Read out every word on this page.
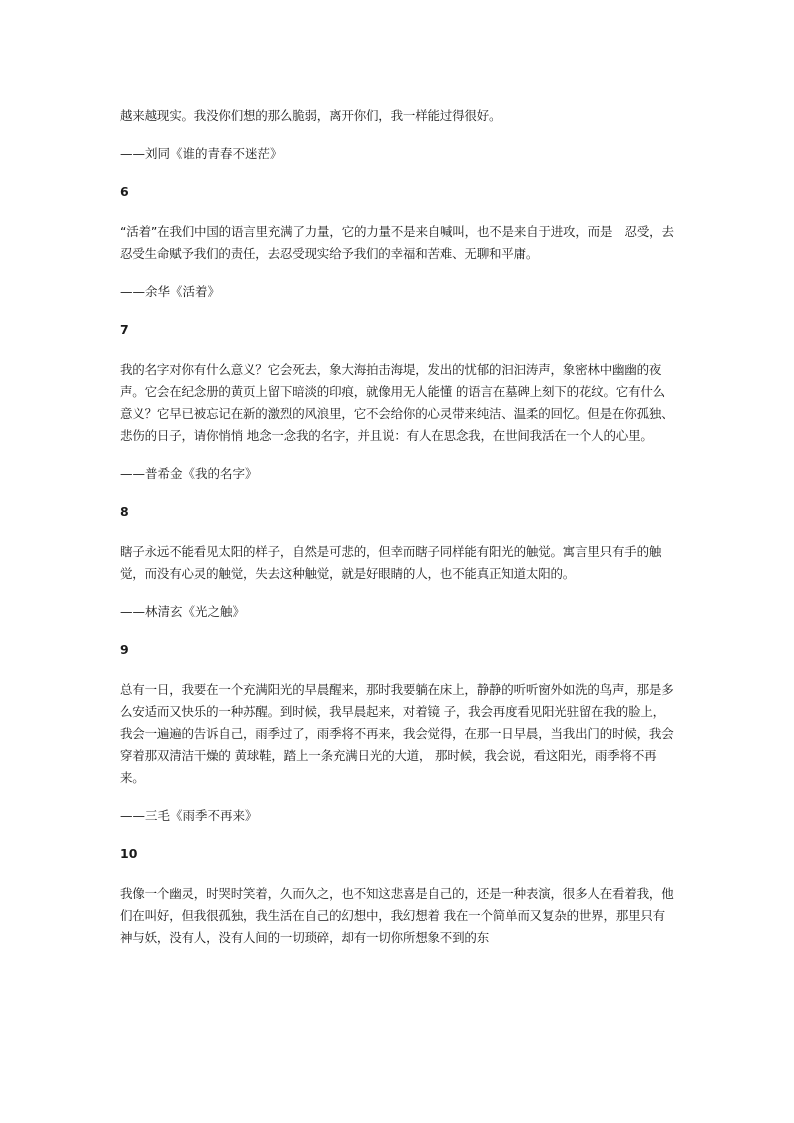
越来越现实。我没你们想的那么脆弱，离开你们，我一样能过得很好。

——刘同《谁的青春不迷茫》

6

“活着”在我们中国的语言里充满了力量，它的力量不是来自喊叫，也不是来自于进攻，而是　忍受，去忍受生命赋予我们的责任，去忍受现实给予我们的幸福和苦难、无聊和平庸。

——余华《活着》

7

我的名字对你有什么意义？它会死去，象大海拍击海堤，发出的忧郁的汩汩涛声，象密林中幽幽的夜声。它会在纪念册的黄页上留下暗淡的印痕，就像用无人能懂 的语言在墓碑上刻下的花纹。它有什么意义？它早已被忘记在新的激烈的风浪里，它不会给你的心灵带来纯洁、温柔的回忆。但是在你孤独、悲伤的日子，请你悄悄 地念一念我的名字，并且说：有人在思念我，在世间我活在一个人的心里。

——普希金《我的名字》

8

瞎子永远不能看见太阳的样子，自然是可悲的，但幸而瞎子同样能有阳光的触觉。寓言里只有手的触觉，而没有心灵的触觉，失去这种触觉，就是好眼睛的人，也不能真正知道太阳的。

——林清玄《光之触》

9

总有一日，我要在一个充满阳光的早晨醒来，那时我要躺在床上，静静的听听窗外如洗的鸟声，那是多么安适而又快乐的一种苏醒。到时候，我早晨起来，对着镜 子，我会再度看见阳光驻留在我的脸上，我会一遍遍的告诉自己，雨季过了，雨季将不再来，我会觉得，在那一日早晨，当我出门的时候，我会穿着那双清洁干燥的 黄球鞋，踏上一条充满日光的大道， 那时候，我会说，看这阳光，雨季将不再来。

——三毛《雨季不再来》

10

我像一个幽灵，时哭时笑着，久而久之，也不知这悲喜是自己的，还是一种表演，很多人在看着我，他们在叫好，但我很孤独，我生活在自己的幻想中，我幻想着 我在一个简单而又复杂的世界，那里只有神与妖，没有人，没有人间的一切琐碎，却有一切你所想象不到的东
